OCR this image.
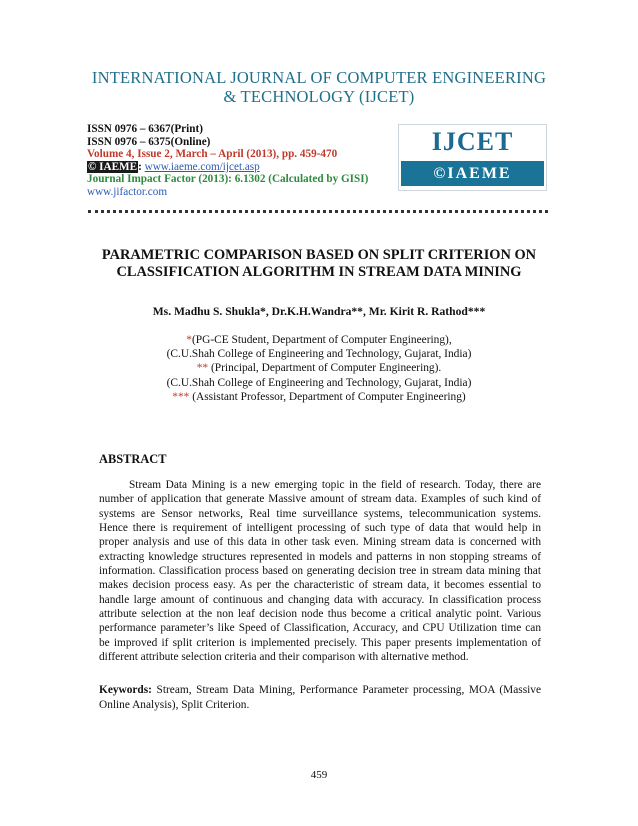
INTERNATIONAL JOURNAL OF COMPUTER ENGINEERING
& TECHNOLOGY (IJCET)
ISSN 0976 – 6367(Print)
ISSN 0976 – 6375(Online)
Volume 4, Issue 2, March – April (2013), pp. 459-470
© IAEME: www.iaeme.com/ijcet.asp
Journal Impact Factor (2013): 6.1302 (Calculated by GISI)
www.jifactor.com
IJCET
©IAEME
PARAMETRIC COMPARISON BASED ON SPLIT CRITERION ON
CLASSIFICATION ALGORITHM IN STREAM DATA MINING
Ms. Madhu S. Shukla*, Dr.K.H.Wandra**, Mr. Kirit R. Rathod***
*(PG-CE Student, Department of Computer Engineering),
(C.U.Shah College of Engineering and Technology, Gujarat, India)
** (Principal, Department of Computer Engineering).
(C.U.Shah College of Engineering and Technology, Gujarat, India)
*** (Assistant Professor, Department of Computer Engineering)
ABSTRACT

Stream Data Mining is a new emerging topic in the field of research. Today, there are number of application that generate Massive amount of stream data. Examples of such kind of systems are Sensor networks, Real time surveillance systems, telecommunication systems. Hence there is requirement of intelligent processing of such type of data that would help in proper analysis and use of this data in other task even. Mining stream data is concerned with extracting knowledge structures represented in models and patterns in non stopping streams of information. Classification process based on generating decision tree in stream data mining that makes decision process easy. As per the characteristic of stream data, it becomes essential to handle large amount of continuous and changing data with accuracy. In classification process attribute selection at the non leaf decision node thus become a critical analytic point. Various performance parameter’s like Speed of Classification, Accuracy, and CPU Utilization time can be improved if split criterion is implemented precisely. This paper presents implementation of different attribute selection criteria and their comparison with alternative method.

Keywords: Stream, Stream Data Mining, Performance Parameter processing, MOA (Massive Online Analysis), Split Criterion.
459
